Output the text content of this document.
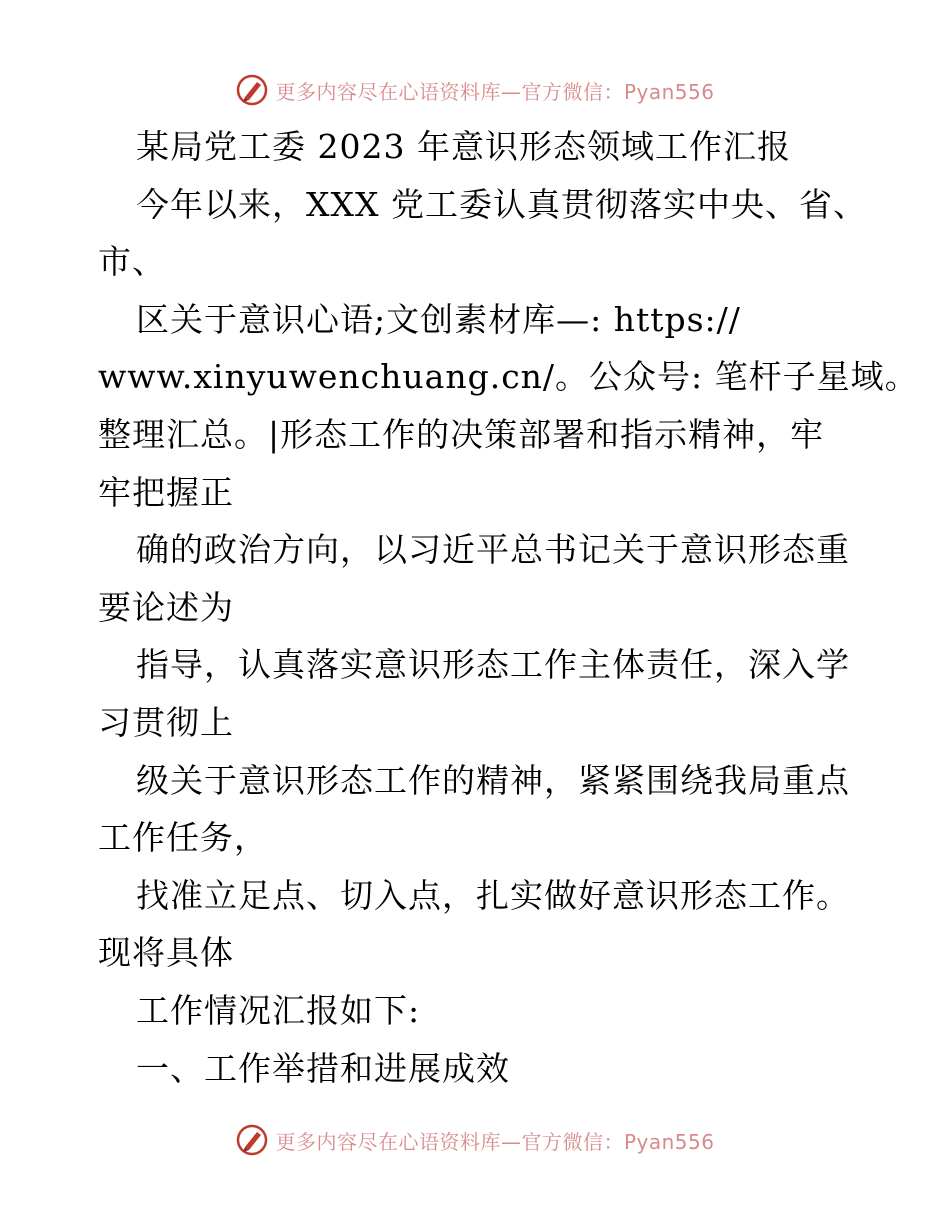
更多内容尽在心语资料库—官方微信：Pyan556
某局党工委 2023 年意识形态领域工作汇报
今年以来，XXX 党工委认真贯彻落实中央、省、
市、
区关于意识心语;文创素材库—: https://
www.xinyuwenchuang.cn/。公众号: 笔杆子星域。
整理汇总。|形态工作的决策部署和指示精神，牢
牢把握正
确的政治方向，以习近平总书记关于意识形态重
要论述为
指导，认真落实意识形态工作主体责任，深入学
习贯彻上
级关于意识形态工作的精神，紧紧围绕我局重点
工作任务，
找准立足点、切入点，扎实做好意识形态工作。
现将具体
工作情况汇报如下:
一、工作举措和进展成效
更多内容尽在心语资料库—官方微信：Pyan556
